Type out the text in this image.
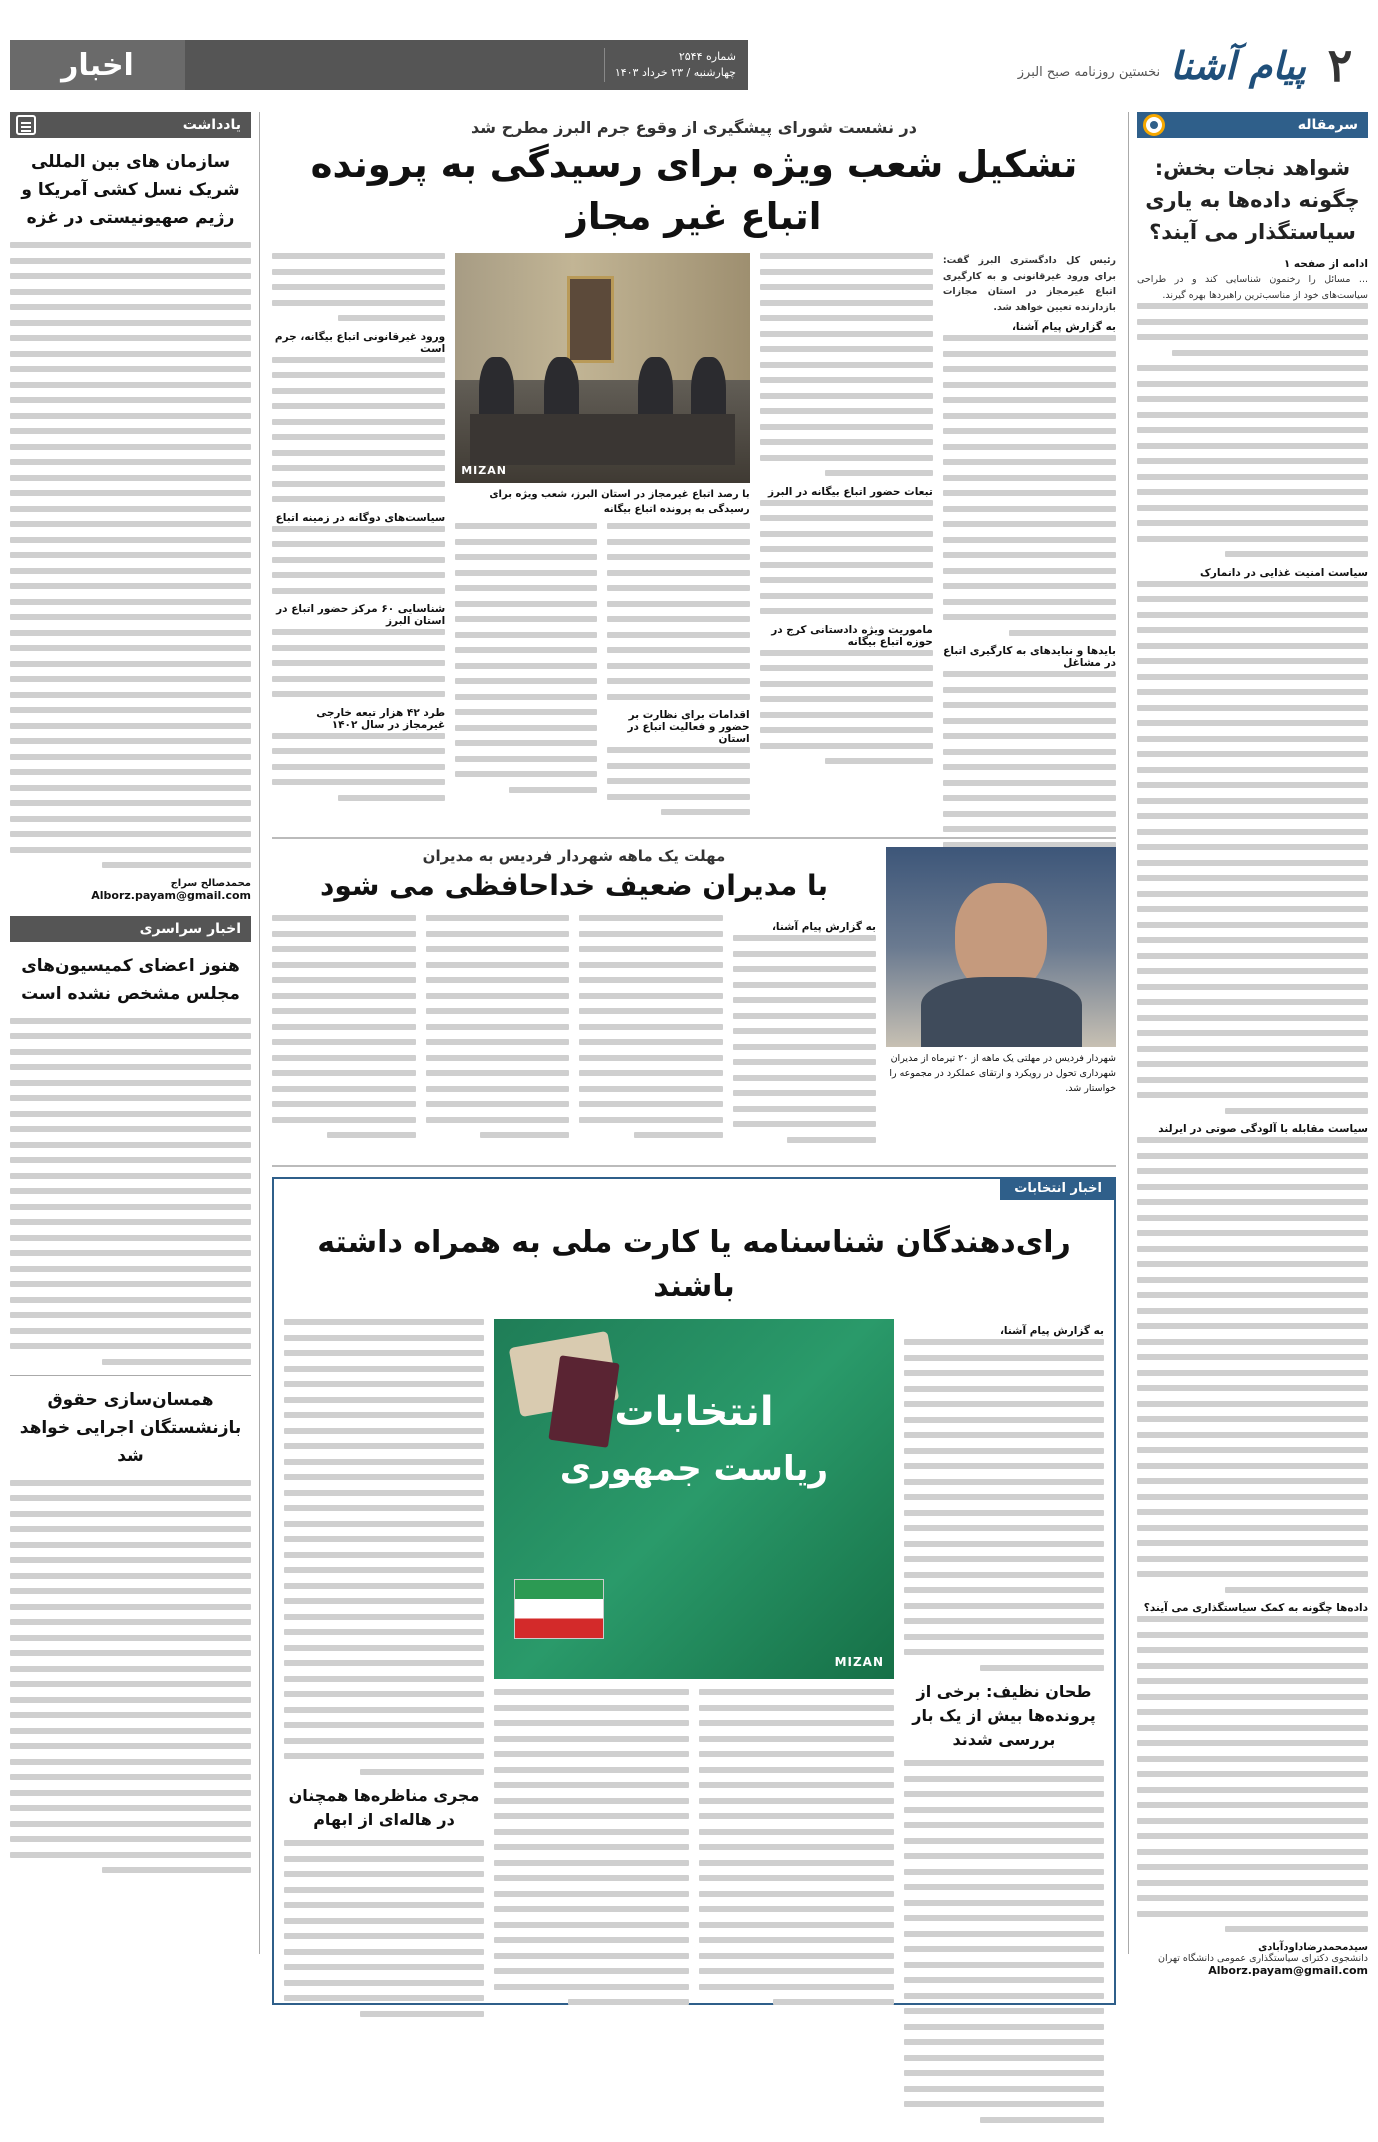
۲
پیام آشنا
نخستین روزنامه صبح البرز
شماره ۲۵۴۴
چهارشنبه / ۲۳ خرداد ۱۴۰۳
اخبار
سرمقاله
شواهد نجات بخش: چگونه داده‌ها به یاری سیاستگذار می آیند؟
ادامه از صفحه ۱
... مسائل را رخنمون شناسایی کند و در طراحی سیاست‌های خود از مناسب‌ترین راهبردها بهره گیرند.
سیاست امنیت غذایی در دانمارک
سیاست مقابله با آلودگی صوتی در ایرلند
داده‌ها چگونه به کمک سیاستگذاری می آیند؟
سیدمحمدرضاداودآبادی
دانشجوی دکترای سیاستگذاری عمومی دانشگاه تهران
Alborz.payam@gmail.com
یادداشت
سازمان های بین المللی شریک نسل کشی آمریکا و رژیم صهیونیستی در غزه
محمدصالح سراج
Alborz.payam@gmail.com
اخبار سراسری
هنوز اعضای کمیسیون‌های مجلس مشخص نشده است
همسان‌سازی حقوق بازنشستگان اجرایی خواهد شد
در نشست شورای پیشگیری از وقوع جرم البرز مطرح شد
تشکیل شعب ویژه برای رسیدگی به پرونده اتباع غیر مجاز
رئیس کل دادگستری البرز گفت: برای ورود غیرقانونی و به کارگیری اتباع غیرمجاز در استان مجازات بازدارنده تعیین خواهد شد.
به گزارش پیام آشنا،
بایدها و نبایدهای به کارگیری اتباع در مشاغل
تبعات حضور اتباع بیگانه در البرز
ماموریت ویژه دادستانی کرج در حوزه اتباع بیگانه
MIZAN
با رصد اتباع غیرمجاز در استان البرز، شعب ویژه برای رسیدگی به پرونده اتباع بیگانه
اقدامات برای نظارت بر حضور و فعالیت اتباع در استان
ورود غیرقانونی اتباع بیگانه، جرم است
سیاست‌های دوگانه در زمینه اتباع
شناسایی ۶۰ مرکز حضور اتباع در استان البرز
طرد ۴۲ هزار تبعه خارجی غیرمجاز در سال ۱۴۰۲
شهردار فردیس در مهلتی یک ماهه از ۲۰ تیرماه از مدیران شهرداری تحول در رویکرد و ارتقای عملکرد در مجموعه را خواستار شد.
مهلت یک ماهه شهردار فردیس به مدیران
با مدیران ضعیف خداحافظی می شود
به گزارش پیام آشنا،
اخبار انتخابات
رای‌دهندگان شناسنامه یا کارت ملی به همراه داشته باشند
به گزارش پیام آشنا،
طحان نظیف: برخی از پرونده‌ها بیش از یک بار بررسی شدند
انتخابات
ریاست جمهوری
MIZAN
مجری مناظره‌ها همچنان در هاله‌ای از ابهام
